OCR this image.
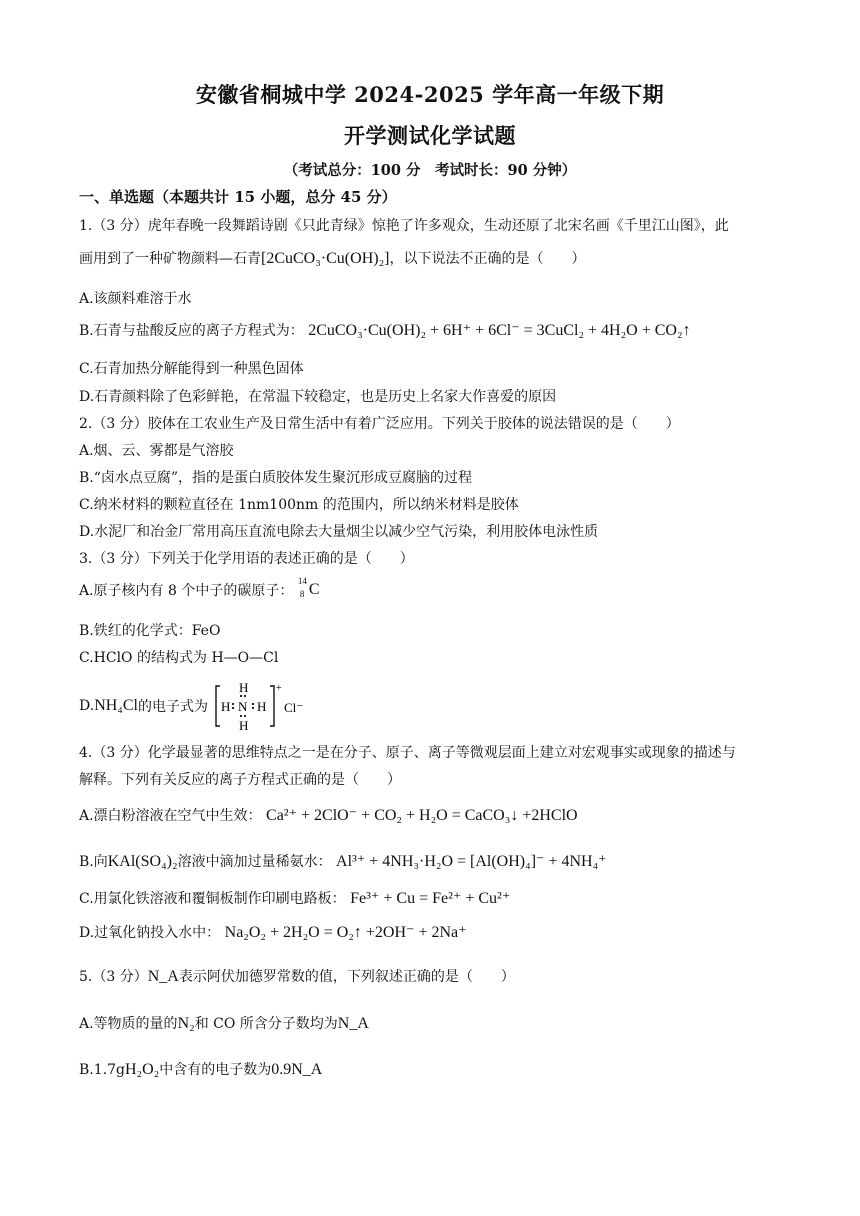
安徽省桐城中学 2024-2025 学年高一年级下期
开学测试化学试题
（考试总分：100 分　考试时长：90 分钟）
一、单选题（本题共计 15 小题，总分 45 分）
1.（3 分）虎年春晚一段舞蹈诗剧《只此青绿》惊艳了许多观众，生动还原了北宋名画《千里江山图》，此
画用到了一种矿物颜料—石青[2CuCO₃·Cu(OH)₂]，以下说法不正确的是（　　）
A.该颜料难溶于水
B.石青与盐酸反应的离子方程式为： 2CuCO₃·Cu(OH)₂ + 6H⁺ + 6Cl⁻ = 3CuCl₂ + 4H₂O + CO₂↑
C.石青加热分解能得到一种黑色固体
D.石青颜料除了色彩鲜艳，在常温下较稳定，也是历史上名家大作喜爱的原因
2.（3 分）胶体在工农业生产及日常生活中有着广泛应用。下列关于胶体的说法错误的是（　　）
A.烟、云、雾都是气溶胶
B.“卤水点豆腐”，指的是蛋白质胶体发生聚沉形成豆腐脑的过程
C.纳米材料的颗粒直径在 1nm100nm 的范围内，所以纳米材料是胶体
D.水泥厂和冶金厂常用高压直流电除去大量烟尘以减少空气污染，利用胶体电泳性质
3.（3 分）下列关于化学用语的表述正确的是（　　）
A.原子核内有 8 个中子的碳原子：
14
8 C
B.铁红的化学式：FeO
C.HClO 的结构式为 H—O—Cl
D.NH₄Cl的电子式为
H
H N H
H
+
Cl⁻
4.（3 分）化学最显著的思维特点之一是在分子、原子、离子等微观层面上建立对宏观事实或现象的描述与
解释。下列有关反应的离子方程式正确的是（　　）
A.漂白粉溶液在空气中生效： Ca²⁺ + 2ClO⁻ + CO₂ + H₂O = CaCO₃↓ +2HClO
B.向KAl(SO₄)₂溶液中滴加过量稀氨水： Al³⁺ + 4NH₃·H₂O = [Al(OH)₄]⁻ + 4NH₄⁺
C.用氯化铁溶液和覆铜板制作印刷电路板： Fe³⁺ + Cu = Fe²⁺ + Cu²⁺
D.过氧化钠投入水中： Na₂O₂ + 2H₂O = O₂↑ +2OH⁻ + 2Na⁺
5.（3 分）N_A表示阿伏加德罗常数的值，下列叙述正确的是（　　）
A.等物质的量的N₂和 CO 所含分子数均为N_A
B.1.7gH₂O₂中含有的电子数为0.9N_A
